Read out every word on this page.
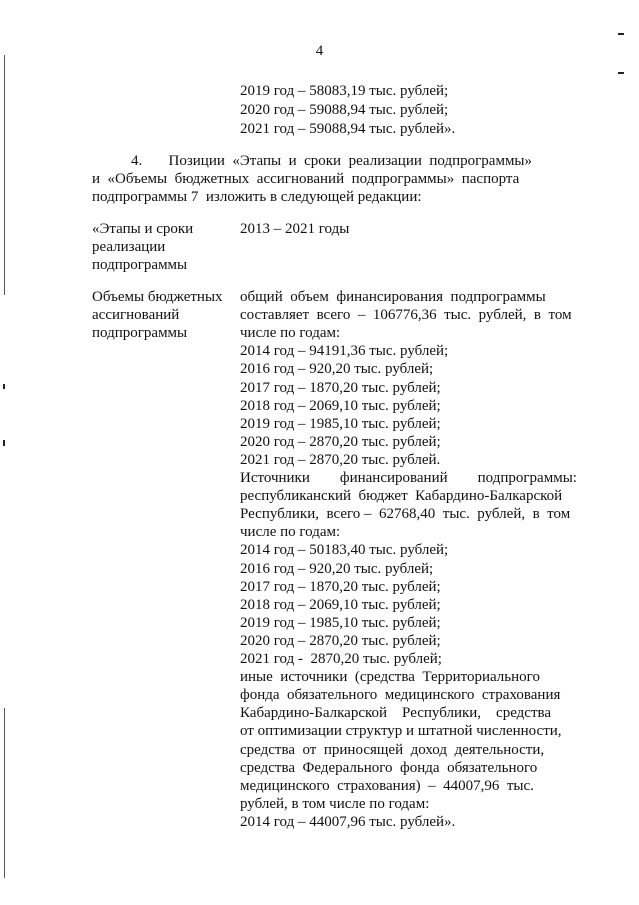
4
2019 год – 58083,19 тыс. рублей;
2020 год – 59088,94 тыс. рублей;
2021 год – 59088,94 тыс. рублей».
4.       Позиции  «Этапы  и  сроки  реализации  подпрограммы»
и  «Объемы  бюджетных  ассигнований  подпрограммы»  паспорта
подпрограммы 7  изложить в следующей редакции:
«Этапы и сроки
реализации
подпрограммы
2013 – 2021 годы
Объемы бюджетных
ассигнований
подпрограммы
общий  объем  финансирования  подпрограммы
составляет  всего  –  106776,36  тыс.  рублей,  в  том
числе по годам:
2014 год – 94191,36 тыс. рублей;
2016 год – 920,20 тыс. рублей;
2017 год – 1870,20 тыс. рублей;
2018 год – 2069,10 тыс. рублей;
2019 год – 1985,10 тыс. рублей;
2020 год – 2870,20 тыс. рублей;
2021 год – 2870,20 тыс. рублей.
Источники        финансирований        подпрограммы:
республиканский  бюджет  Кабардино-Балкарской
Республики,  всего –  62768,40  тыс.  рублей,  в  том
числе по годам:
2014 год – 50183,40 тыс. рублей;
2016 год – 920,20 тыс. рублей;
2017 год – 1870,20 тыс. рублей;
2018 год – 2069,10 тыс. рублей;
2019 год – 1985,10 тыс. рублей;
2020 год – 2870,20 тыс. рублей;
2021 год -  2870,20 тыс. рублей;
иные  источники  (средства  Территориального
фонда  обязательного  медицинского  страхования
Кабардино-Балкарской    Республики,    средства
от оптимизации структур и штатной численности,
средства  от  приносящей  доход  деятельности,
средства  Федерального  фонда  обязательного
медицинского  страхования)  –  44007,96  тыс.
рублей, в том числе по годам:
2014 год – 44007,96 тыс. рублей».
